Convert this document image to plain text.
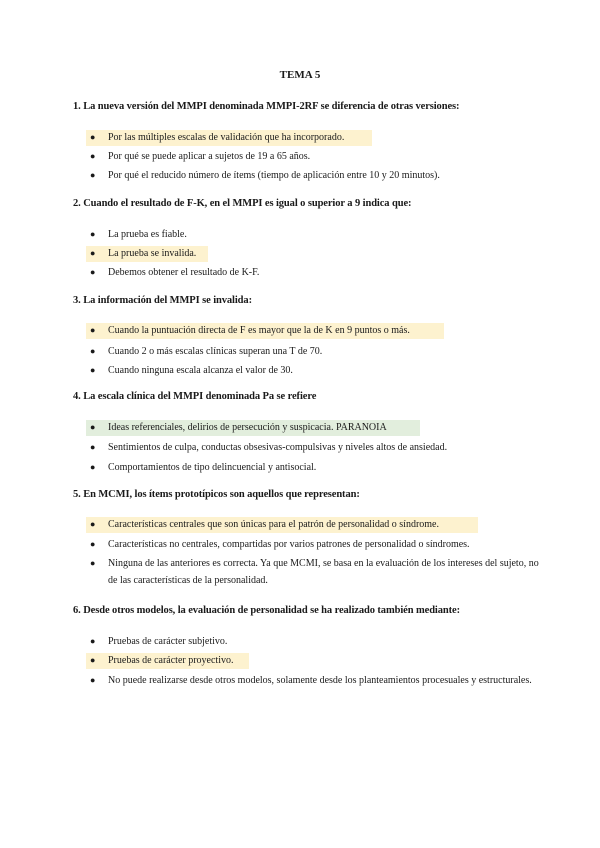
TEMA 5
1. La nueva versión del MMPI denominada MMPI-2RF se diferencia de otras versiones:
● Por las múltiples escalas de validación que ha incorporado.
● Por qué se puede aplicar a sujetos de 19 a 65 años.
● Por qué el reducido número de ítems (tiempo de aplicación entre 10 y 20 minutos).
2. Cuando el resultado de F-K, en el MMPI es igual o superior a 9 indica que:
● La prueba es fiable.
● La prueba se invalida.
● Debemos obtener el resultado de K-F.
3. La información del MMPI se invalida:
● Cuando la puntuación directa de F es mayor que la de K en 9 puntos o más.
● Cuando 2 o más escalas clínicas superan una T de 70.
● Cuando ninguna escala alcanza el valor de 30.
4. La escala clínica del MMPI denominada Pa se refiere
● Ideas referenciales, delirios de persecución y suspicacia. PARANOIA
● Sentimientos de culpa, conductas obsesivas-compulsivas y niveles altos de ansiedad.
● Comportamientos de tipo delincuencial y antisocial.
5. En MCMI, los ítems prototípicos son aquellos que representan:
● Características centrales que son únicas para el patrón de personalidad o síndrome.
● Características no centrales, compartidas por varios patrones de personalidad o síndromes.
● Ninguna de las anteriores es correcta. Ya que MCMI, se basa en la evaluación de los intereses del sujeto, no de las características de la personalidad.
6. Desde otros modelos, la evaluación de personalidad se ha realizado también mediante:
● Pruebas de carácter subjetivo.
● Pruebas de carácter proyectivo.
● No puede realizarse desde otros modelos, solamente desde los planteamientos procesuales y estructurales.
